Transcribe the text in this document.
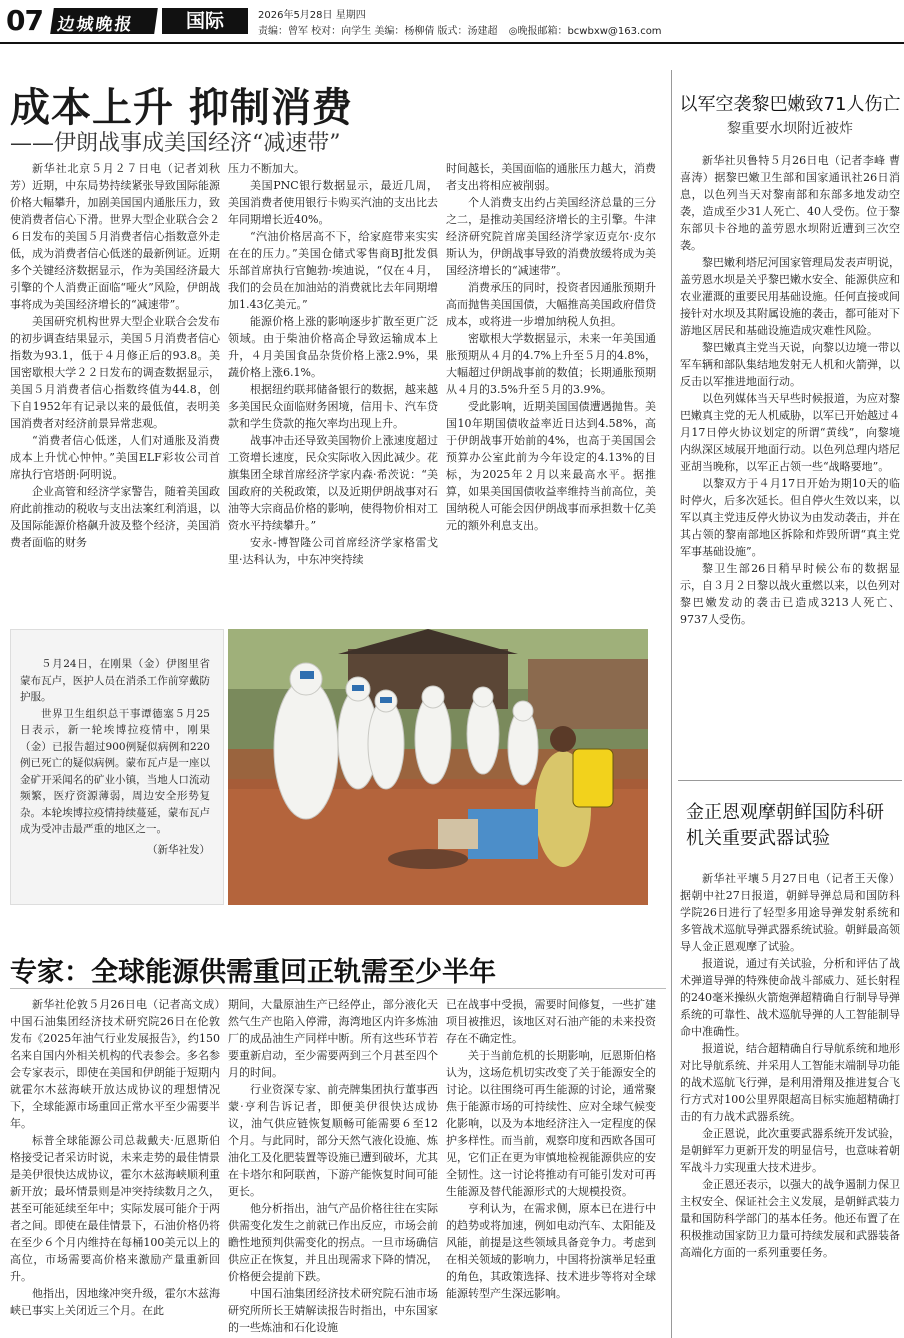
07 边城晚报	国际	2026年5月28日 星期四
责编：曾军 校对：向学生 美编：杨柳倩 版式：汤建超 ◎晚报邮箱：bcwbxw@163.com
成本上升 抑制消费
——伊朗战事成美国经济“减速带”

新华社北京５月２７日电（记者刘秋芳）近期，中东局势持续紧张导致国际能源价格大幅攀升，加剧美国国内通胀压力，致使消费者信心下滑。世界大型企业联合会２６日发布的美国５月消费者信心指数意外走低，成为消费者信心低迷的最新例证。近期多个关键经济数据显示，作为美国经济最大引擎的个人消费正面临“哑火”风险，伊朗战事将成为美国经济增长的“减速带”。

美国研究机构世界大型企业联合会发布的初步调查结果显示，美国５月消费者信心指数为93.1，低于４月修正后的93.8。美国密歇根大学２２日发布的调查数据显示，美国５月消费者信心指数终值为44.8，创下自1952年有记录以来的最低值，表明美国消费者对经济前景异常悲观。

“消费者信心低迷，人们对通胀及消费成本上升忧心忡忡。”美国ELF彩妆公司首席执行官塔朗·阿明说。

企业高管和经济学家警告，随着美国政府此前推动的税收与支出法案红利消退，以及国际能源价格飙升波及整个经济，美国消费者面临的财务

压力不断加大。

美国PNC银行数据显示，最近几周，美国消费者使用银行卡购买汽油的支出比去年同期增长近40%。

“汽油价格居高不下，给家庭带来实实在在的压力。”美国仓储式零售商BJ批发俱乐部首席执行官鲍勃·埃迪说，“仅在４月，我们的会员在加油站的消费就比去年同期增加1.43亿美元。”

能源价格上涨的影响逐步扩散至更广泛领域。由于柴油价格高企导致运输成本上升，４月美国食品杂货价格上涨2.9%，果蔬价格上涨6.1%。

根据纽约联邦储备银行的数据，越来越多美国民众面临财务困境，信用卡、汽车贷款和学生贷款的拖欠率均出现上升。

战事冲击还导致美国物价上涨速度超过工资增长速度，民众实际收入因此减少。花旗集团全球首席经济学家内森·希茨说：“美国政府的关税政策，以及近期伊朗战事对石油等大宗商品价格的影响，使得物价相对工资水平持续攀升。”

安永-博智隆公司首席经济学家格雷戈里·达科认为，中东冲突持续

时间越长，美国面临的通胀压力越大，消费者支出将相应被削弱。

个人消费支出约占美国经济总量的三分之二，是推动美国经济增长的主引擎。牛津经济研究院首席美国经济学家迈克尔·皮尔斯认为，伊朗战事导致的消费放缓将成为美国经济增长的“减速带”。

消费承压的同时，投资者因通胀预期升高而抛售美国国债，大幅推高美国政府借贷成本，或将进一步增加纳税人负担。

密歇根大学数据显示，未来一年美国通胀预期从４月的4.7%上升至５月的4.8%，大幅超过伊朗战事前的数值；长期通胀预期从４月的3.5%升至５月的3.9%。

受此影响，近期美国国债遭遇抛售。美国10年期国债收益率近日达到4.58%，高于伊朗战事开始前的4%，也高于美国国会预算办公室此前为今年设定的4.13%的目标，为2025年２月以来最高水平。据推算，如果美国国债收益率维持当前高位，美国纳税人可能会因伊朗战事而承担数十亿美元的额外利息支出。

５月24日，在刚果（金）伊图里省蒙布瓦卢，医护人员在消杀工作前穿戴防护服。

世界卫生组织总干事谭德塞５月25日表示，新一轮埃博拉疫情中，刚果（金）已报告超过900例疑似病例和220例已死亡的疑似病例。蒙布瓦卢是一座以金矿开采闻名的矿业小镇，当地人口流动频繁，医疗资源薄弱，周边安全形势复杂。本轮埃博拉疫情持续蔓延，蒙布瓦卢成为受冲击最严重的地区之一。

（新华社发）

专家：全球能源供需重回正轨需至少半年

新华社伦敦５月26日电（记者高文成）中国石油集团经济技术研究院26日在伦敦发布《2025年油气行业发展报告》，约150名来自国内外相关机构的代表参会。多名参会专家表示，即使在美国和伊朗能于短期内就霍尔木兹海峡开放达成协议的理想情况下，全球能源市场重回正常水平至少需要半年。

标普全球能源公司总裁戴夫·厄恩斯伯格接受记者采访时说，未来走势的最佳情景是美伊很快达成协议，霍尔木兹海峡顺利重新开放；最坏情景则是冲突持续数月之久，甚至可能延续至年中；实际发展可能介于两者之间。即使在最佳情景下，石油价格仍将在至少６个月内维持在每桶100美元以上的高位，市场需要高价格来激励产量重新回升。

他指出，因地缘冲突升级，霍尔木兹海峡已事实上关闭近三个月。在此

期间，大量原油生产已经停止，部分液化天然气生产也陷入停滞，海湾地区内许多炼油厂的成品油生产同样中断。所有这些环节若要重新启动，至少需要两到三个月甚至四个月的时间。

行业资深专家、前壳牌集团执行董事西蒙·亨利告诉记者，即便美伊很快达成协议，油气供应链恢复顺畅可能需要６至12个月。与此同时，部分天然气液化设施、炼油化工及化肥装置等设施已遭到破坏，尤其在卡塔尔和阿联酋，下游产能恢复时间可能更长。

他分析指出，油气产品价格往往在实际供需变化发生之前就已作出反应，市场会前瞻性地预判供需变化的拐点。一旦市场确信供应正在恢复，并且出现需求下降的情况，价格便会提前下跌。

中国石油集团经济技术研究院石油市场研究所所长王婧解读报告时指出，中东国家的一些炼油和石化设施

已在战事中受损，需要时间修复，一些扩建项目被推迟，该地区对石油产能的未来投资存在不确定性。

关于当前危机的长期影响，厄恩斯伯格认为，这场危机切实改变了关于能源安全的讨论。以往围绕可再生能源的讨论，通常聚焦于能源市场的可持续性、应对全球气候变化影响，以及为本地经济注入一定程度的保护多样性。而当前，观察印度和西欧各国可见，它们正在更为审慎地检视能源供应的安全韧性。这一讨论将推动有可能引发对可再生能源及替代能源形式的大规模投资。

亨利认为，在需求侧，原本已在进行中的趋势或将加速，例如电动汽车、太阳能及风能，前提是这些领域具备竞争力。考虑到在相关领域的影响力，中国将扮演举足轻重的角色，其政策选择、技术进步等将对全球能源转型产生深远影响。

以军空袭黎巴嫩致71人伤亡
黎重要水坝附近被炸

新华社贝鲁特５月26日电（记者李峰 曹喜涛）据黎巴嫩卫生部和国家通讯社26日消息，以色列当天对黎南部和东部多地发动空袭，造成至少31人死亡、40人受伤。位于黎东部贝卡谷地的盖劳恩水坝附近遭到三次空袭。

黎巴嫩利塔尼河国家管理局发表声明说，盖劳恩水坝是关乎黎巴嫩水安全、能源供应和农业灌溉的重要民用基础设施。任何直接或间接针对水坝及其附属设施的袭击，都可能对下游地区居民和基础设施造成灾难性风险。

黎巴嫩真主党当天说，向黎以边境一带以军车辆和部队集结地发射无人机和火箭弹，以反击以军推进地面行动。

以色列媒体当天早些时候报道，为应对黎巴嫩真主党的无人机威胁，以军已开始越过４月17日停火协议划定的所谓“黄线”，向黎境内纵深区域展开地面行动。以色列总理内塔尼亚胡当晚称，以军正占领一些“战略要地”。

以黎双方于４月17日开始为期10天的临时停火，后多次延长。但自停火生效以来，以军以真主党违反停火协议为由发动袭击，并在其占领的黎南部地区拆除和炸毁所谓“真主党军事基础设施”。

黎卫生部26日稍早时候公布的数据显示，自３月２日黎以战火重燃以来，以色列对黎巴嫩发动的袭击已造成3213人死亡、9737人受伤。

金正恩观摩朝鲜国防科研机关重要武器试验

新华社平壤５月27日电（记者王天像）据朝中社27日报道，朝鲜导弹总局和国防科学院26日进行了轻型多用途导弹发射系统和多管战术巡航导弹武器系统试验。朝鲜最高领导人金正恩观摩了试验。

报道说，通过有关试验，分析和评估了战术弹道导弹的特殊使命战斗部威力、延长射程的240毫米操纵火箭炮弹超精确自行制导导弹系统的可靠性、战术巡航导弹的人工智能制导命中准确性。

报道说，结合超精确自行导航系统和地形对比导航系统、并采用人工智能末端制导功能的战术巡航飞行弹，是利用滑翔及推进复合飞行方式对100公里界限超高目标实施超精确打击的有力战术武器系统。

金正恩说，此次重要武器系统开发试验，是朝鲜军力更新开发的明显信号，也意味着朝军战斗力实现重大技术进步。

金正恩还表示，以强大的战争遏制力保卫主权安全、保证社会主义发展，是朝鲜武装力量和国防科学部门的基本任务。他还布置了在积极推动国家防卫力量可持续发展和武器装备高端化方面的一系列重要任务。
